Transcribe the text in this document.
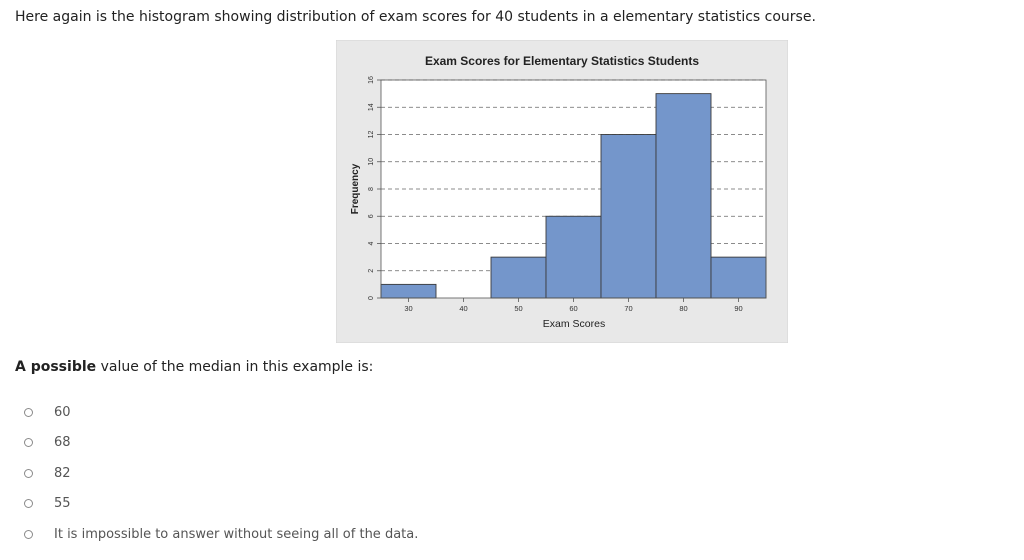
Here again is the histogram showing distribution of exam scores for 40 students in a elementary statistics course.

0
2
4
6
8
10
12
14
16
30	40	50	60	70	80	90
Exam Scores for Elementary Statistics Students
Exam Scores
Frequency

A possible value of the median in this example is:

60
68
82
55
It is impossible to answer without seeing all of the data.
